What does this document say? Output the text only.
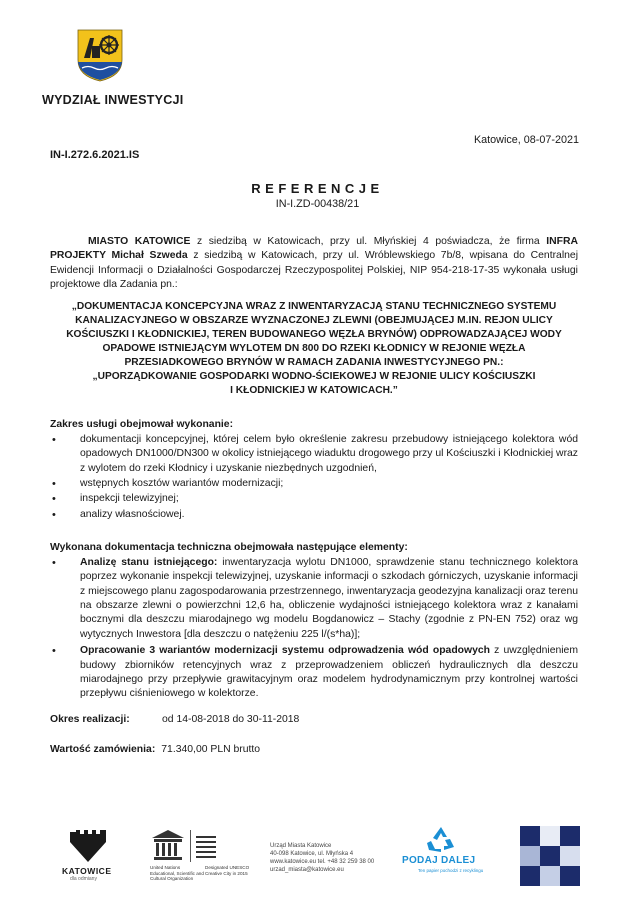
WYDZIAŁ INWESTYCJI
Katowice, 08-07-2021
IN-I.272.6.2021.IS
REFERENCJE
IN-I.ZD-00438/21
MIASTO KATOWICE z siedzibą w Katowicach, przy ul. Młyńskiej 4 poświadcza, że firma INFRA PROJEKTY Michał Szweda z siedzibą w Katowicach, przy ul. Wróblewskiego 7b/8, wpisana do Centralnej Ewidencji Informacji o Działalności Gospodarczej Rzeczypospolitej Polskiej, NIP 954-218-17-35 wykonała usługi projektowe dla Zadania pn.:
„DOKUMENTACJA KONCEPCYJNA WRAZ Z INWENTARYZACJĄ STANU TECHNICZNEGO SYSTEMU
KANALIZACYJNEGO W OBSZARZE WYZNACZONEJ ZLEWNI (OBEJMUJĄCEJ M.IN. REJON ULICY
KOŚCIUSZKI I KŁODNICKIEJ, TEREN BUDOWANEGO WĘZŁA BRYNÓW) ODPROWADZAJĄCEJ WODY
OPADOWE ISTNIEJĄCYM WYLOTEM DN 800 DO RZEKI KŁODNICY W REJONIE WĘZŁA
PRZESIADKOWEGO BRYNÓW W RAMACH ZADANIA INWESTYCYJNEGO PN.:
„UPORZĄDKOWANIE GOSPODARKI WODNO-ŚCIEKOWEJ W REJONIE ULICY KOŚCIUSZKI
I KŁODNICKIEJ W KATOWICACH.”
Zakres usługi obejmował wykonanie:
• dokumentacji koncepcyjnej, której celem było określenie zakresu przebudowy istniejącego kolektora wód opadowych DN1000/DN300 w okolicy istniejącego wiaduktu drogowego przy ul Kościuszki i Kłodnickiej wraz z wylotem do rzeki Kłodnicy i uzyskanie niezbędnych uzgodnień,
• wstępnych kosztów wariantów modernizacji;
• inspekcji telewizyjnej;
• analizy własnościowej.
Wykonana dokumentacja techniczna obejmowała następujące elementy:
• Analizę stanu istniejącego: inwentaryzacja wylotu DN1000, sprawdzenie stanu technicznego kolektora poprzez wykonanie inspekcji telewizyjnej, uzyskanie informacji o szkodach górniczych, uzyskanie informacji z miejscowego planu zagospodarowania przestrzennego, inwentaryzacja geodezyjna kanalizacji oraz terenu na obszarze zlewni o powierzchni 12,6 ha, obliczenie wydajności istniejącego kolektora wraz z kanałami bocznymi dla deszczu miarodajnego wg modelu Bogdanowicz – Stachy (zgodnie z PN-EN 752) oraz wg wytycznych Inwestora [dla deszczu o natężeniu 225 l/(s*ha)];
• Opracowanie 3 wariantów modernizacji systemu odprowadzenia wód opadowych z uwzględnieniem budowy zbiorników retencyjnych wraz z przeprowadzeniem obliczeń hydraulicznych dla deszczu miarodajnego przy przepływie grawitacyjnym oraz modelem hydrodynamicznym przy kontrolnej wartości przepływu ciśnieniowego w kolektorze.
Okres realizacji:	od 14-08-2018 do 30-11-2018
Wartość zamówienia: 71.340,00 PLN brutto
KATOWICE
dla odmiany
United Nations Educational, Scientific and Cultural Organization
Designated UNESCO Creative City in 2015
Urząd Miasta Katowice
40-098 Katowice, ul. Młyńska 4
www.katowice.eu tel. +48 32 259 38 00
urzad_miasta@katowice.eu
PODAJ DALEJ
Ten papier pochodzi z recyklingu
